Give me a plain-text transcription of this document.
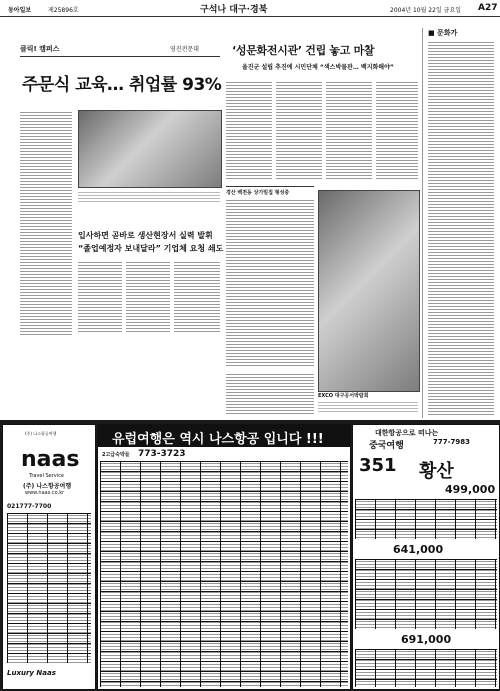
동아일보	제25896호	구석나 대구·경북	2004년 10월 22일 금요일 A27
클릭! 캠퍼스	영진전문대
주문식 교육… 취업률 93%
입사하면 곧바로 생산현장서 실력 발휘
“졸업예정자 보내달라” 기업체 요청 쇄도
‘성문화전시관’ 건립 놓고 마찰
울진군 설립 추진에 시민단체 “색스박물관… 백지화해야”
경산 백천동 상가밀집 형성중
EXCO 대구공서박람회
■ 문화가
(주) 나스항공여행
naas
Travel Service
(주) 나스항공여행
www.naas.co.kr
021777-7700
Luxury Naas
유럽여행은 역시 나스항공 입니다 !!!
2고급숙박들 773-3723
대한항공으로 떠나는
중국여행	777-7983
351 황산
499,000
641,000
691,000
